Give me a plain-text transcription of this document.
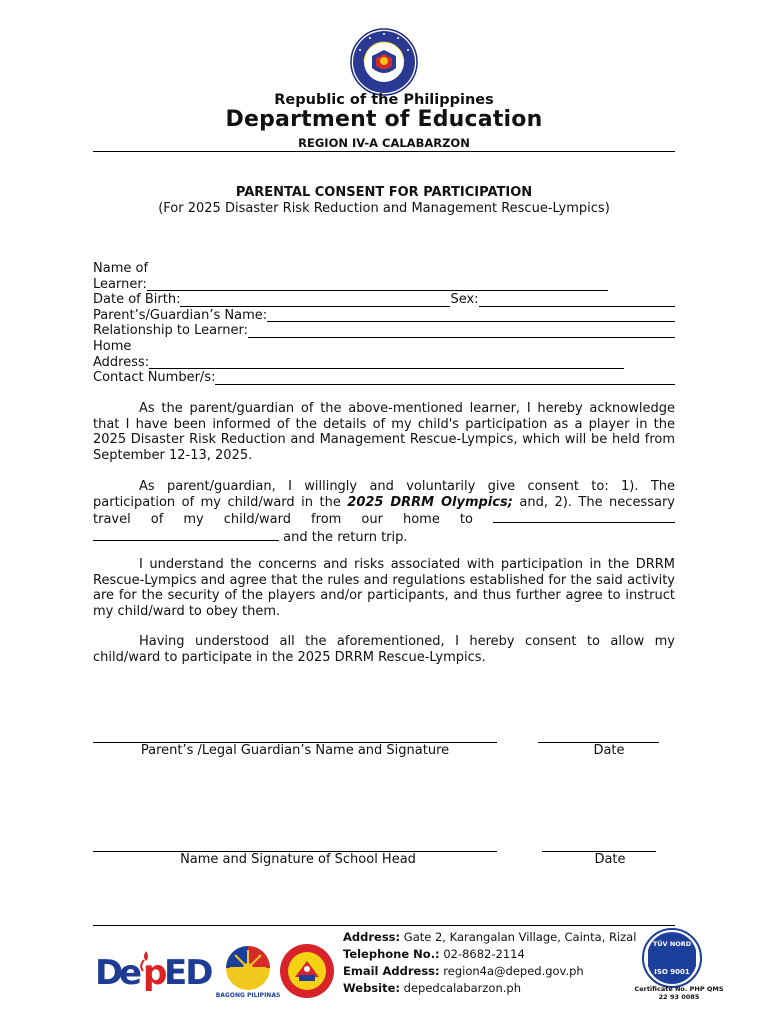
Republic of the Philippines
Department of Education
REGION IV-A CALABARZON
PARENTAL CONSENT FOR PARTICIPATION
(For 2025 Disaster Risk Reduction and Management Rescue-Lympics)
Name of
Learner:
Date of Birth:	Sex:
Parent’s/Guardian’s Name:
Relationship to Learner:
Home
Address:
Contact Number/s:
As the parent/guardian of the above-mentioned learner, I hereby acknowledge that I have been informed of the details of my child's participation as a player in the 2025 Disaster Risk Reduction and Management Rescue-Lympics, which will be held from September 12-13, 2025.
As parent/guardian, I willingly and voluntarily give consent to: 1). The participation of my child/ward in the 2025 DRRM Olympics; and, 2). The necessary travel of my child/ward from our home to   and the return trip.
I understand the concerns and risks associated with participation in the DRRM Rescue-Lympics and agree that the rules and regulations established for the said activity are for the security of the players and/or participants, and thus further agree to instruct my child/ward to obey them.
Having understood all the aforementioned, I hereby consent to allow my child/ward to participate in the 2025 DRRM Rescue-Lympics.
Parent’s /Legal Guardian’s Name and Signature	Date
Name and Signature of School Head	Date
D
e p
ED
BAGONG PILIPINAS
Address: Gate 2, Karangalan Village, Cainta, Rizal
Telephone No.: 02-8682-2114
Email Address: region4a@deped.gov.ph
Website: depedcalabarzon.ph
TÜV NORD
ISO 9001
Certificate No. PHP QMS
22 93 0085
